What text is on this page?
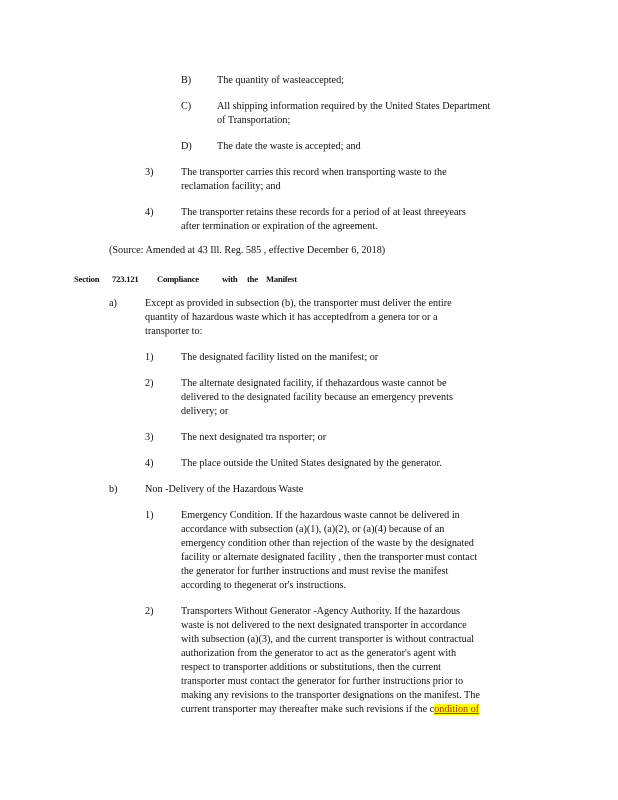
B)	The quantity of wasteaccepted;
C)	All shipping information required by the United States Department
of Transportation;
D) The date the waste is accepted; and
3)	The transporter carries this record when transporting waste to the
reclamation facility; and
4)	The transporter retains these records for a period of at least threeyears
after termination or expiration of the agreement.
(Source: Amended at 43 Ill. Reg. 585 , effective December 6, 2018)
Section 723.121 Compliance	with the Manifest
a)	Except as provided in subsection (b), the transporter must deliver the entire
quantity of hazardous waste which it has acceptedfrom a genera tor or a
transporter to:
1)	The designated facility listed on the manifest; or
2)	The alternate designated facility, if thehazardous waste cannot be
delivered to the designated facility because an emergency prevents
delivery; or
3)	The next designated tra nsporter; or
4)	The place outside the United States designated by the generator.
b)	Non -Delivery of the Hazardous Waste
1)	Emergency Condition. If the hazardous waste cannot be delivered in
accordance with subsection (a)(1), (a)(2), or (a)(4) because of an
emergency condition other than rejection of the waste by the designated
facility or alternate designated facility , then the transporter must contact
the generator for further instructions and must revise the manifest
according to thegenerat or's instructions.
2)	Transporters Without Generator -Agency Authority. If the hazardous
waste is not delivered to the next designated transporter in accordance
with subsection (a)(3), and the current transporter is without contractual
authorization from the generator to act as the generator's agent with
respect to transporter additions or substitutions, then the current
transporter must contact the generator for further instructions prior to
making any revisions to the transporter designations on the manifest. The
current transporter may thereafter make such revisions if the condition of
